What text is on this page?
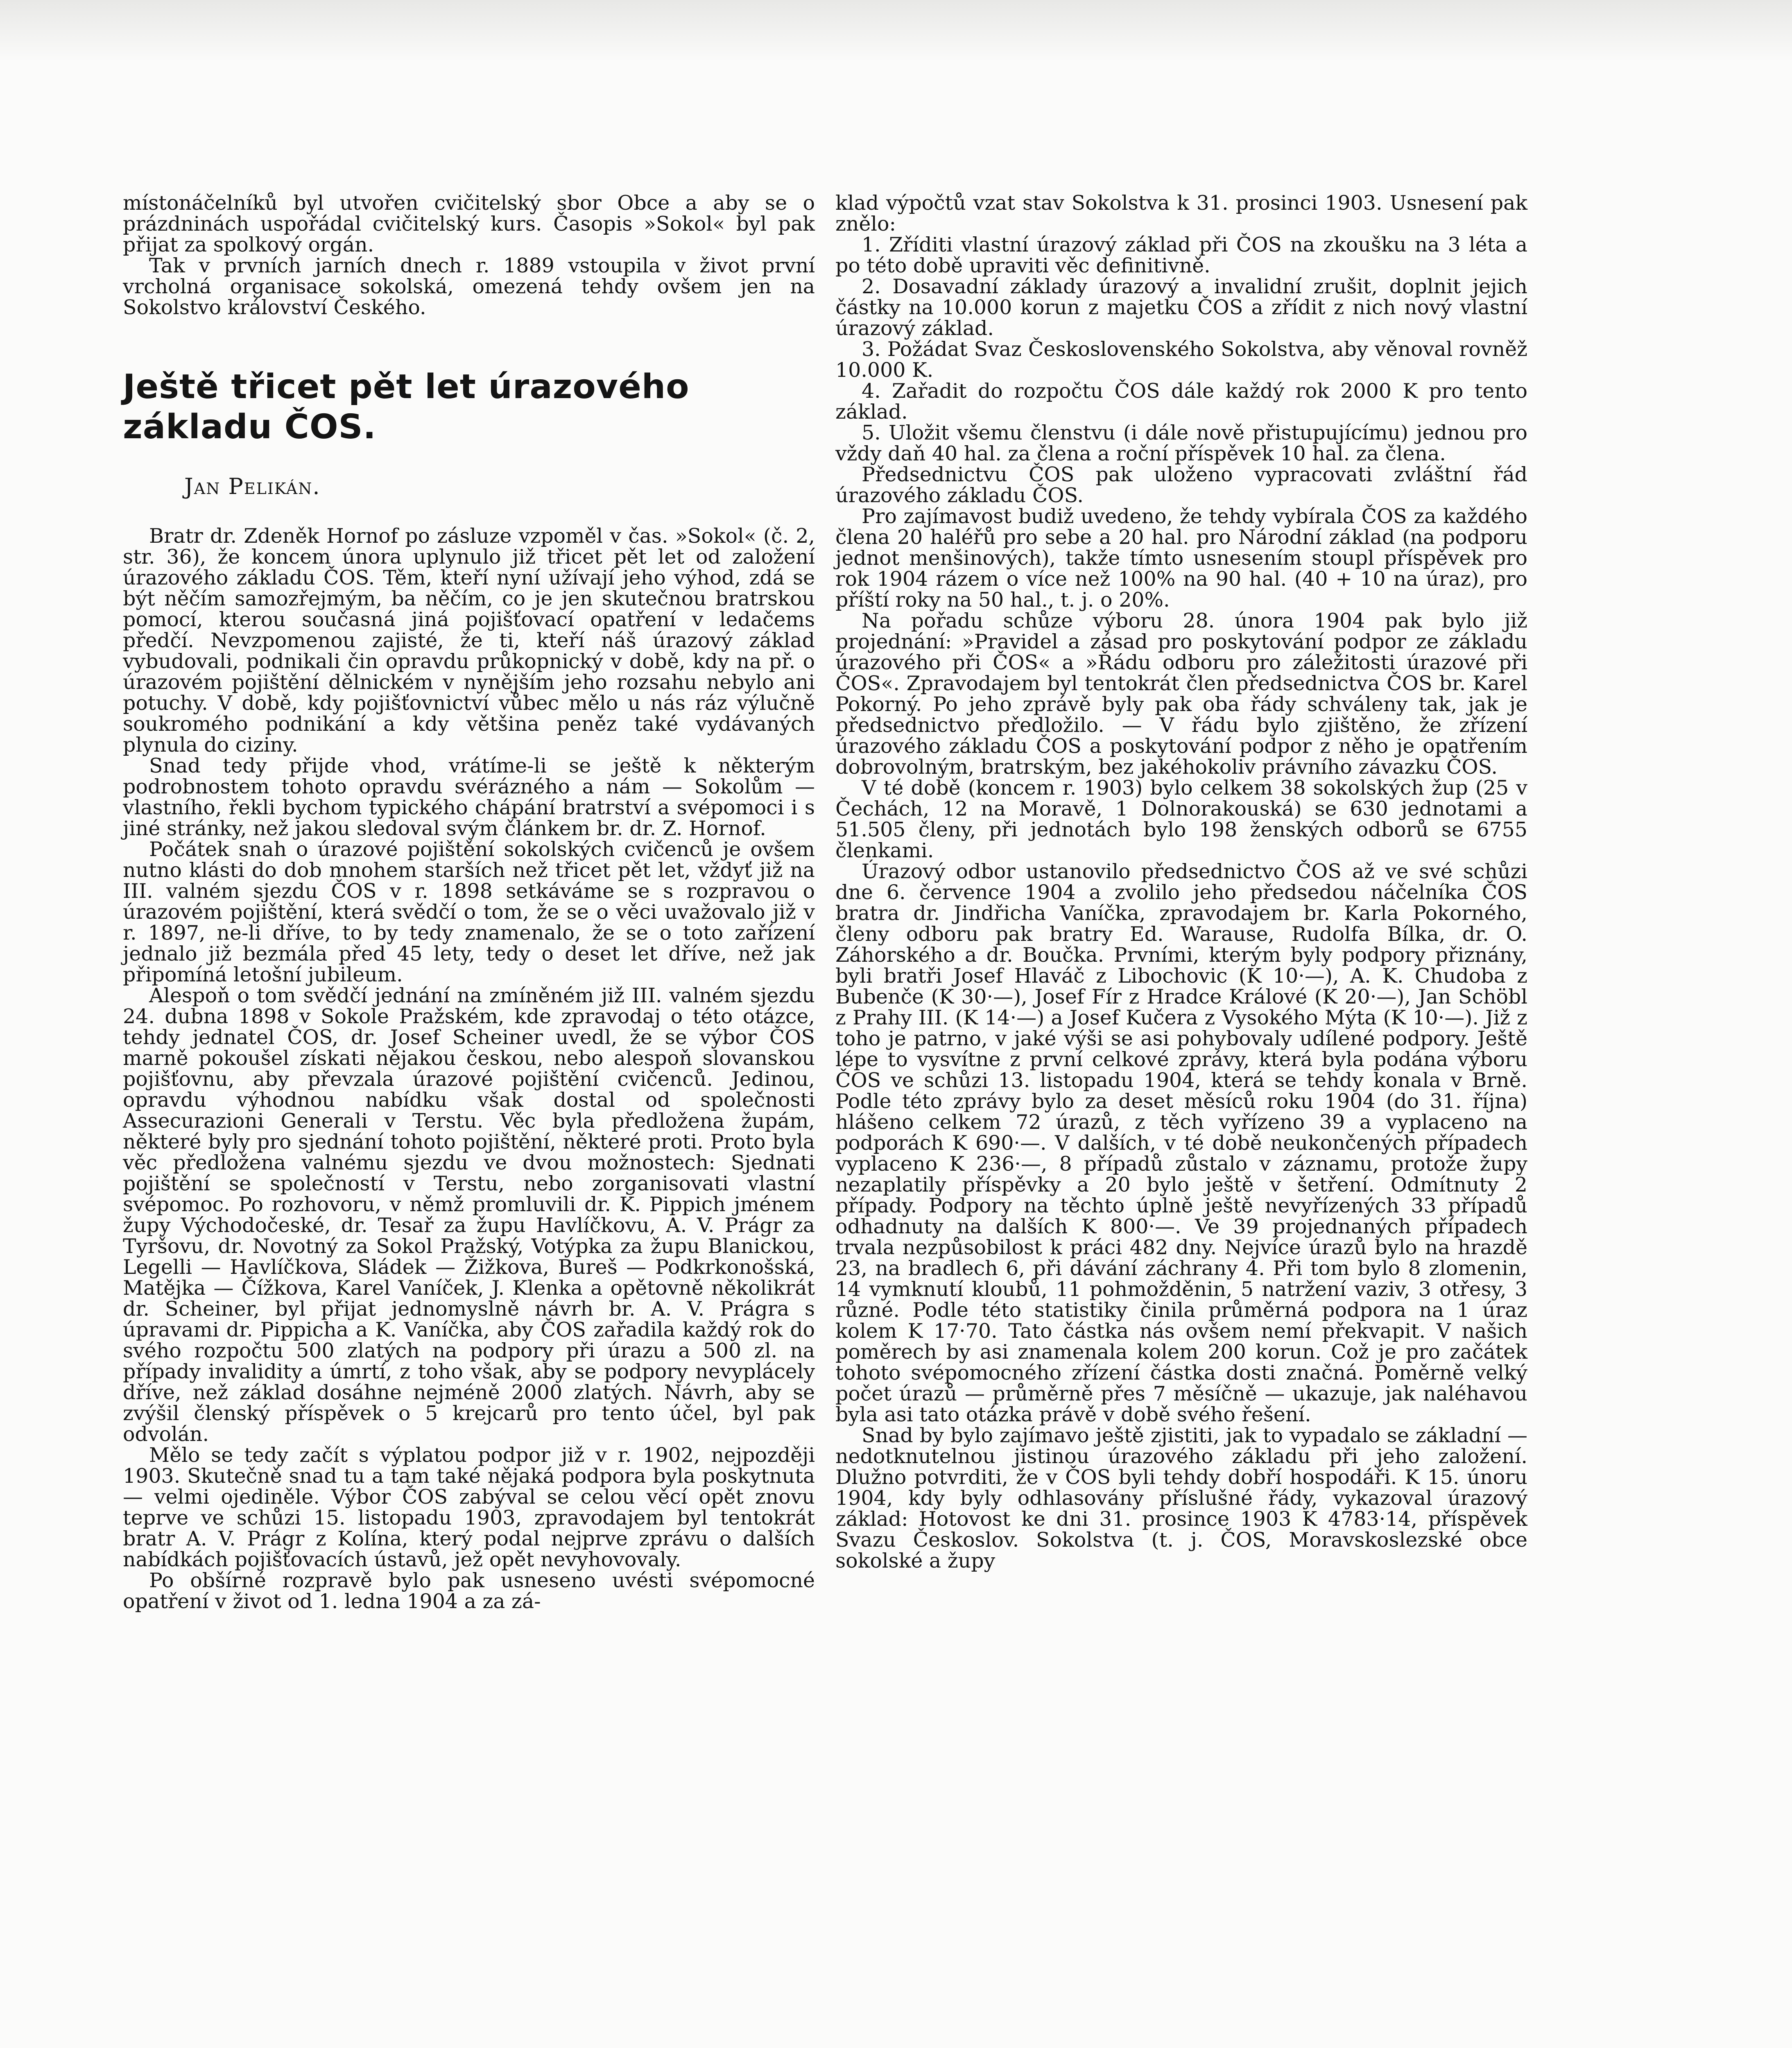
místonáčelníků byl utvořen cvičitelský sbor Obce a aby se o prázdninách uspořádal cvičitelský kurs. Časopis »Sokol« byl pak přijat za spolkový orgán.

Tak v prvních jarních dnech r. 1889 vstoupila v život první vrcholná organisace sokolská, omezená tehdy ovšem jen na Sokolstvo království Českého.

Ještě třicet pět let úrazového základu ČOS.
Jan Pelikán.

Bratr dr. Zdeněk Hornof po zásluze vzpoměl v čas. »Sokol« (č. 2, str. 36), že koncem února uplynulo již třicet pět let od založení úrazového základu ČOS. Těm, kteří nyní užívají jeho výhod, zdá se být něčím samozřejmým, ba něčím, co je jen skutečnou bratrskou pomocí, kterou současná jiná pojišťovací opatření v ledačems předčí. Nevzpomenou zajisté, že ti, kteří náš úrazový základ vybudovali, podnikali čin opravdu průkopnický v době, kdy na př. o úrazovém pojištění dělnickém v nynějším jeho rozsahu nebylo ani potuchy. V době, kdy pojišťovnictví vůbec mělo u nás ráz výlučně soukromého podnikání a kdy většina peněz také vydávaných plynula do ciziny.

Snad tedy přijde vhod, vrátíme-li se ještě k některým podrobnostem tohoto opravdu svérázného a nám — Sokolům — vlastního, řekli bychom typického chápání bratrství a svépomoci i s jiné stránky, než jakou sledoval svým článkem br. dr. Z. Hornof.

Počátek snah o úrazové pojištění sokolských cvičenců je ovšem nutno klásti do dob mnohem starších než třicet pět let, vždyť již na III. valném sjezdu ČOS v r. 1898 setkáváme se s rozpravou o úrazovém pojištění, která svědčí o tom, že se o věci uvažovalo již v r. 1897, ne-li dříve, to by tedy znamenalo, že se o toto zařízení jednalo již bezmála před 45 lety, tedy o deset let dříve, než jak připomíná letošní jubileum.

Alespoň o tom svědčí jednání na zmíněném již III. valném sjezdu 24. dubna 1898 v Sokole Pražském, kde zpravodaj o této otázce, tehdy jednatel ČOS, dr. Josef Scheiner uvedl, že se výbor ČOS marně pokoušel získati nějakou českou, nebo alespoň slovanskou pojišťovnu, aby převzala úrazové pojištění cvičenců. Jedinou, opravdu výhodnou nabídku však dostal od společnosti Assecurazioni Generali v Terstu. Věc byla předložena župám, některé byly pro sjednání tohoto pojištění, některé proti. Proto byla věc předložena valnému sjezdu ve dvou možnostech: Sjednati pojištění se společností v Terstu, nebo zorganisovati vlastní svépomoc. Po rozhovoru, v němž promluvili dr. K. Pippich jménem župy Východočeské, dr. Tesař za župu Havlíčkovu, A. V. Prágr za Tyršovu, dr. Novotný za Sokol Pražský, Votýpka za župu Blanickou, Legelli — Havlíčkova, Sládek — Žižkova, Bureš — Podkrkonošská, Matějka — Čížkova, Karel Vaníček, J. Klenka a opětovně několikrát dr. Scheiner, byl přijat jednomyslně návrh br. A. V. Prágra s úpravami dr. Pippicha a K. Vaníčka, aby ČOS zařadila každý rok do svého rozpočtu 500 zlatých na podpory při úrazu a 500 zl. na případy invalidity a úmrtí, z toho však, aby se podpory nevyplácely dříve, než základ dosáhne nejméně 2000 zlatých. Návrh, aby se zvýšil členský příspěvek o 5 krejcarů pro tento účel, byl pak odvolán.

Mělo se tedy začít s výplatou podpor již v r. 1902, nejpozději 1903. Skutečně snad tu a tam také nějaká podpora byla poskytnuta — velmi ojediněle. Výbor ČOS zabýval se celou věcí opět znovu teprve ve schůzi 15. listopadu 1903, zpravodajem byl tentokrát bratr A. V. Prágr z Kolína, který podal nejprve zprávu o dalších nabídkách pojišťovacích ústavů, jež opět nevyhovovaly.

Po obšírné rozpravě bylo pak usneseno uvésti svépomocné opatření v život od 1. ledna 1904 a za zá-

klad výpočtů vzat stav Sokolstva k 31. prosinci 1903. Usnesení pak znělo:

1. Zříditi vlastní úrazový základ při ČOS na zkoušku na 3 léta a po této době upraviti věc definitivně.

2. Dosavadní základy úrazový a invalidní zrušit, doplnit jejich částky na 10.000 korun z majetku ČOS a zřídit z nich nový vlastní úrazový základ.

3. Požádat Svaz Československého Sokolstva, aby věnoval rovněž 10.000 K.

4. Zařadit do rozpočtu ČOS dále každý rok 2000 K pro tento základ.

5. Uložit všemu členstvu (i dále nově přistupujícímu) jednou pro vždy daň 40 hal. za člena a roční příspěvek 10 hal. za člena.

Předsednictvu ČOS pak uloženo vypracovati zvláštní řád úrazového základu ČOS.

Pro zajímavost budiž uvedeno, že tehdy vybírala ČOS za každého člena 20 haléřů pro sebe a 20 hal. pro Národní základ (na podporu jednot menšinových), takže tímto usnesením stoupl příspěvek pro rok 1904 rázem o více než 100% na 90 hal. (40 + 10 na úraz), pro příští roky na 50 hal., t. j. o 20%.

Na pořadu schůze výboru 28. února 1904 pak bylo již projednání: »Pravidel a zásad pro poskytování podpor ze základu úrazového při ČOS« a »Řádu odboru pro záležitosti úrazové při ČOS«. Zpravodajem byl tentokrát člen předsednictva ČOS br. Karel Pokorný. Po jeho zprávě byly pak oba řády schváleny tak, jak je předsednictvo předložilo. — V řádu bylo zjištěno, že zřízení úrazového základu ČOS a poskytování podpor z něho je opatřením dobrovolným, bratrským, bez jakéhokoliv právního závazku ČOS.

V té době (koncem r. 1903) bylo celkem 38 sokolských žup (25 v Čechách, 12 na Moravě, 1 Dolnorakouská) se 630 jednotami a 51.505 členy, při jednotách bylo 198 ženských odborů se 6755 členkami.

Úrazový odbor ustanovilo předsednictvo ČOS až ve své schůzi dne 6. července 1904 a zvolilo jeho předsedou náčelníka ČOS bratra dr. Jindřicha Vaníčka, zpravodajem br. Karla Pokorného, členy odboru pak bratry Ed. Warause, Rudolfa Bílka, dr. O. Záhorského a dr. Boučka. Prvními, kterým byly podpory přiznány, byli bratři Josef Hlaváč z Libochovic (K 10·—), A. K. Chudoba z Bubenče (K 30·—), Josef Fír z Hradce Králové (K 20·—), Jan Schöbl z Prahy III. (K 14·—) a Josef Kučera z Vysokého Mýta (K 10·—). Již z toho je patrno, v jaké výši se asi pohybovaly udílené podpory. Ještě lépe to vysvítne z první celkové zprávy, která byla podána výboru ČOS ve schůzi 13. listopadu 1904, která se tehdy konala v Brně. Podle této zprávy bylo za deset měsíců roku 1904 (do 31. října) hlášeno celkem 72 úrazů, z těch vyřízeno 39 a vyplaceno na podporách K 690·—. V dalších, v té době neukončených případech vyplaceno K 236·—, 8 případů zůstalo v záznamu, protože župy nezaplatily příspěvky a 20 bylo ještě v šetření. Odmítnuty 2 případy. Podpory na těchto úplně ještě nevyřízených 33 případů odhadnuty na dalších K 800·—. Ve 39 projednaných případech trvala nezpůsobilost k práci 482 dny. Nejvíce úrazů bylo na hrazdě 23, na bradlech 6, při dávání záchrany 4. Při tom bylo 8 zlomenin, 14 vymknutí kloubů, 11 pohmožděnin, 5 natržení vaziv, 3 otřesy, 3 různé. Podle této statistiky činila průměrná podpora na 1 úraz kolem K 17·70. Tato částka nás ovšem nemí překvapit. V našich poměrech by asi znamenala kolem 200 korun. Což je pro začátek tohoto svépomocného zřízení částka dosti značná. Poměrně velký počet úrazů — průměrně přes 7 měsíčně — ukazuje, jak naléhavou byla asi tato otázka právě v době svého řešení.

Snad by bylo zajímavo ještě zjistiti, jak to vypadalo se základní — nedotknutelnou jistinou úrazového základu při jeho založení. Dlužno potvrditi, že v ČOS byli tehdy dobří hospodáři. K 15. únoru 1904, kdy byly odhlasovány příslušné řády, vykazoval úrazový základ: Hotovost ke dni 31. prosince 1903 K 4783·14, příspěvek Svazu Českoslov. Sokolstva (t. j. ČOS, Moravskoslezské obce sokolské a župy
